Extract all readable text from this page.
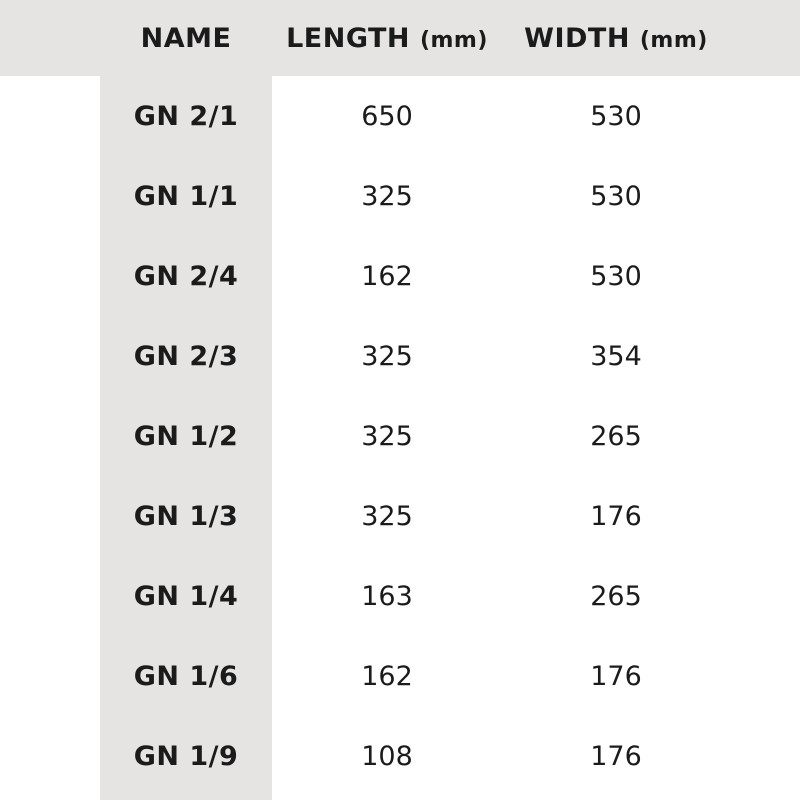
	NAME	LENGTH (mm)	WIDTH (mm)	
	GN 2/1	650	530	
	GN 1/1	325	530	
	GN 2/4	162	530	
	GN 2/3	325	354	
	GN 1/2	325	265	
	GN 1/3	325	176	
	GN 1/4	163	265	
	GN 1/6	162	176	
	GN 1/9	108	176	
